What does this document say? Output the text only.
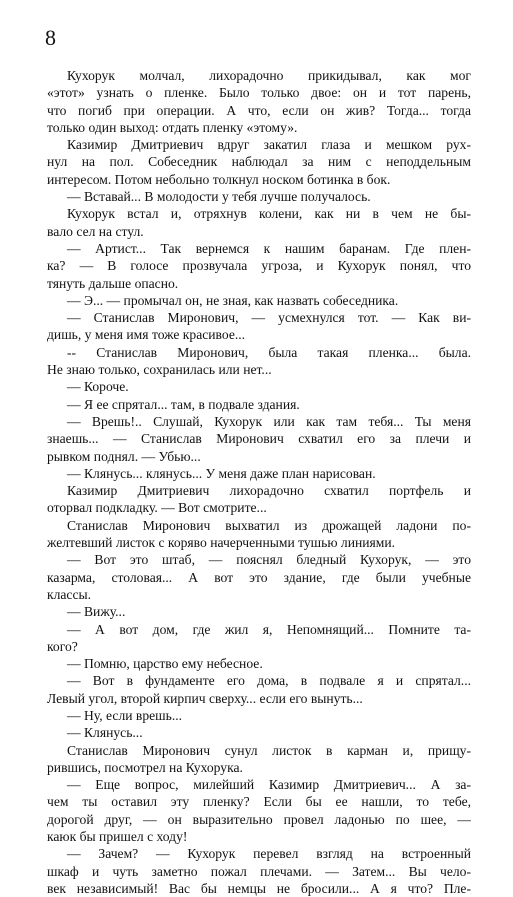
8
Кухорук молчал, лихорадочно прикидывал, как мог
«этот» узнать о пленке. Было только двое: он и тот парень,
что погиб при операции. А что, если он жив? Тогда... тогда
только один выход: отдать пленку «этому».
Казимир Дмитриевич вдруг закатил глаза и мешком рух-
нул на пол. Собеседник наблюдал за ним с неподдельным
интересом. Потом небольно толкнул носком ботинка в бок.
— Вставай... В молодости у тебя лучше получалось.
Кухорук встал и, отряхнув колени, как ни в чем не бы-
вало сел на стул.
— Артист... Так вернемся к нашим баранам. Где плен-
ка? — В голосе прозвучала угроза, и Кухорук понял, что
тянуть дальше опасно.
— Э... — промычал он, не зная, как назвать собеседника.
— Станислав Миронович, — усмехнулся тот. — Как ви-
дишь, у меня имя тоже красивое...
-- Станислав Миронович, была такая пленка... была.
Не знаю только, сохранилась или нет...
— Короче.
— Я ее спрятал... там, в подвале здания.
— Врешь!.. Слушай, Кухорук или как там тебя... Ты меня
знаешь... — Станислав Миронович схватил его за плечи и
рывком поднял. — Убью...
— Клянусь... клянусь... У меня даже план нарисован.
Казимир Дмитриевич лихорадочно схватил портфель и
оторвал подкладку. — Вот смотрите...
Станислав Миронович выхватил из дрожащей ладони по-
желтевший листок с коряво начерченными тушью линиями.
— Вот это штаб, — пояснял бледный Кухорук, — это
казарма, столовая... А вот это здание, где были учебные
классы.
— Вижу...
— А вот дом, где жил я, Непомнящий... Помните та-
кого?
— Помню, царство ему небесное.
— Вот в фундаменте его дома, в подвале я и спрятал...
Левый угол, второй кирпич сверху... если его вынуть...
— Ну, если врешь...
— Клянусь...
Станислав Миронович сунул листок в карман и, прищу-
рившись, посмотрел на Кухорука.
— Еще вопрос, милейший Казимир Дмитриевич... А за-
чем ты оставил эту пленку? Если бы ее нашли, то тебе,
дорогой друг, — он выразительно провел ладонью по шее, —
каюк бы пришел с ходу!
— Зачем? — Кухорук перевел взгляд на встроенный
шкаф и чуть заметно пожал плечами. — Затем... Вы чело-
век независимый! Вас бы немцы не бросили... А я что? Пле-
